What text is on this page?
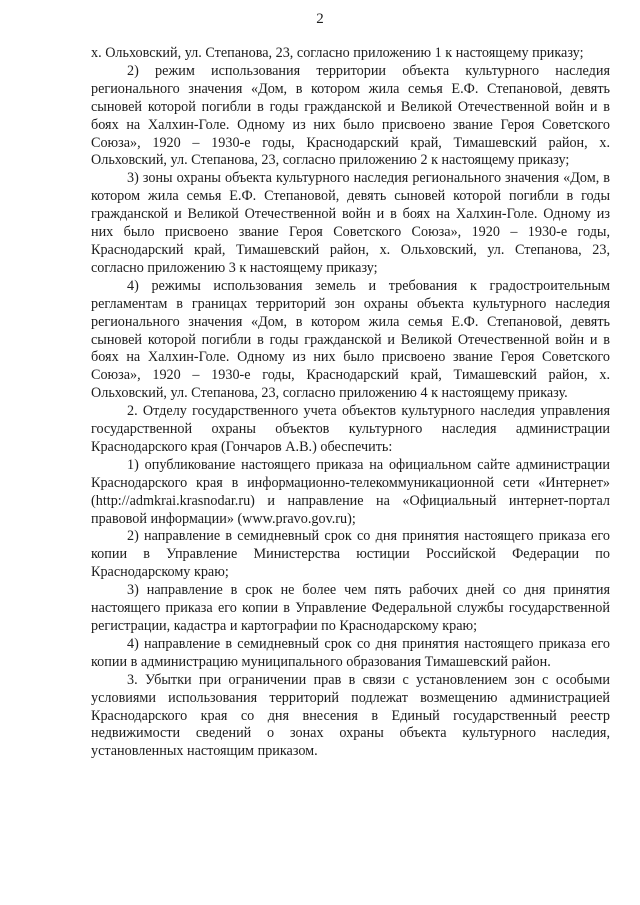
2

х. Ольховский, ул. Степанова, 23, согласно приложению 1 к настоящему приказу;

2) режим использования территории объекта культурного наследия регионального значения «Дом, в котором жила семья Е.Ф. Степановой, девять сыновей которой погибли в годы гражданской и Великой Отечественной войн и в боях на Халхин-Голе. Одному из них было присвоено звание Героя Советского Союза», 1920 – 1930-е годы, Краснодарский край, Тимашевский район, х. Ольховский, ул. Степанова, 23, согласно приложению 2 к настоящему приказу;

3) зоны охраны объекта культурного наследия регионального значения «Дом, в котором жила семья Е.Ф. Степановой, девять сыновей которой погибли в годы гражданской и Великой Отечественной войн и в боях на Халхин-Голе. Одному из них было присвоено звание Героя Советского Союза», 1920 – 1930-е годы, Краснодарский край, Тимашевский район, х. Ольховский, ул. Степанова, 23, согласно приложению 3 к настоящему приказу;

4) режимы использования земель и требования к градостроительным регламентам в границах территорий зон охраны объекта культурного наследия регионального значения «Дом, в котором жила семья Е.Ф. Степановой, девять сыновей которой погибли в годы гражданской и Великой Отечественной войн и в боях на Халхин-Голе. Одному из них было присвоено звание Героя Советского Союза», 1920 – 1930-е годы, Краснодарский край, Тимашевский район, х. Ольховский, ул. Степанова, 23, согласно приложению 4 к настоящему приказу.

2. Отделу государственного учета объектов культурного наследия управления государственной охраны объектов культурного наследия администрации Краснодарского края (Гончаров А.В.) обеспечить:

1) опубликование настоящего приказа на официальном сайте администрации Краснодарского края в информационно-телекоммуникационной сети «Интернет» (http://admkrai.krasnodar.ru) и направление на «Официальный интернет-портал правовой информации» (www.pravo.gov.ru);

2) направление в семидневный срок со дня принятия настоящего приказа его копии в Управление Министерства юстиции Российской Федерации по Краснодарскому краю;

3) направление в срок не более чем пять рабочих дней со дня принятия настоящего приказа его копии в Управление Федеральной службы государственной регистрации, кадастра и картографии по Краснодарскому краю;

4) направление в семидневный срок со дня принятия настоящего приказа его копии в администрацию муниципального образования Тимашевский район.

3. Убытки при ограничении прав в связи с установлением зон с особыми условиями использования территорий подлежат возмещению администрацией Краснодарского края со дня внесения в Единый государственный реестр недвижимости сведений о зонах охраны объекта культурного наследия, установленных настоящим приказом.
